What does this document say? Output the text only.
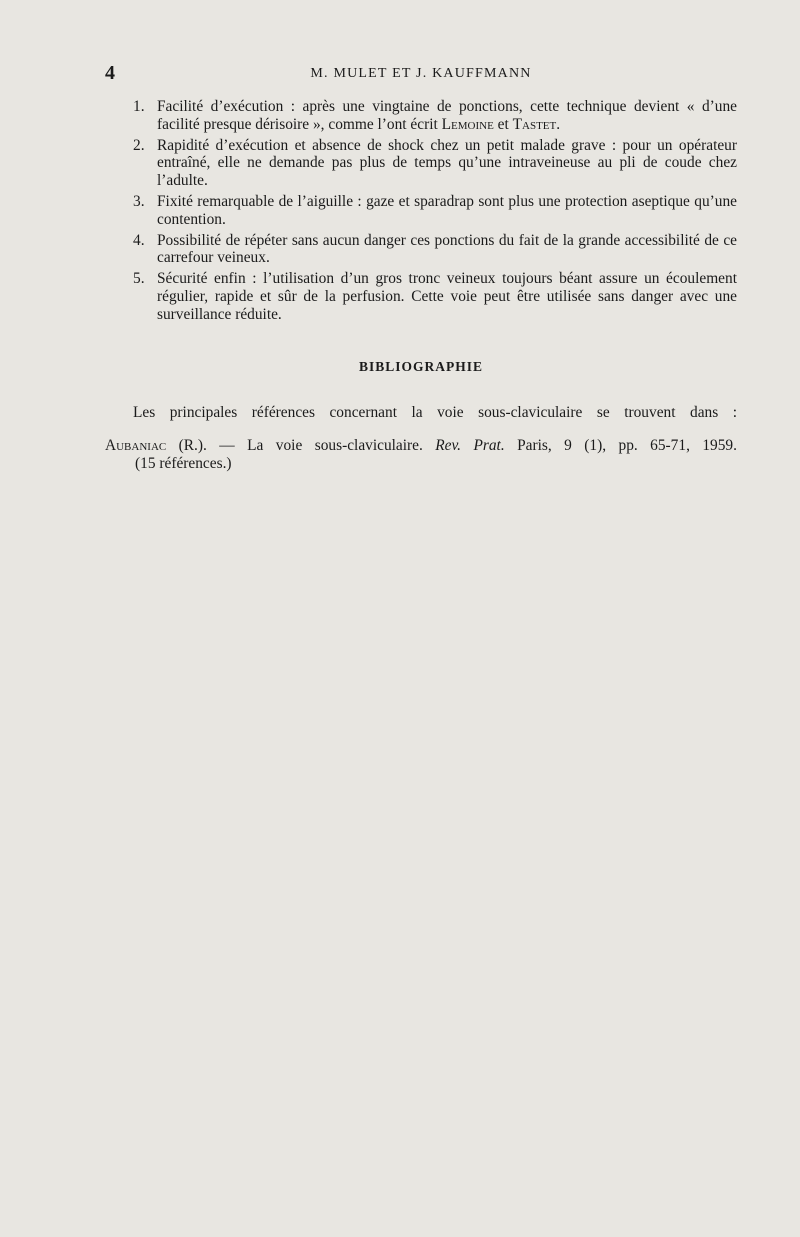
4	M. MULET ET J. KAUFFMANN
1. Facilité d’exécution : après une vingtaine de ponctions, cette technique devient « d’une facilité presque dérisoire », comme l’ont écrit Lemoine et Tastet.
2. Rapidité d’exécution et absence de shock chez un petit malade grave : pour un opérateur entraîné, elle ne demande pas plus de temps qu’une intraveineuse au pli de coude chez l’adulte.
3. Fixité remarquable de l’aiguille : gaze et sparadrap sont plus une protection aseptique qu’une contention.
4. Possibilité de répéter sans aucun danger ces ponctions du fait de la grande accessibilité de ce carrefour veineux.
5. Sécurité enfin : l’utilisation d’un gros tronc veineux toujours béant assure un écoulement régulier, rapide et sûr de la perfusion. Cette voie peut être utilisée sans danger avec une surveillance réduite.
BIBLIOGRAPHIE
Les principales références concernant la voie sous-claviculaire se trouvent dans :
Aubaniac (R.). — La voie sous-claviculaire. Rev. Prat. Paris, 9 (1), pp. 65-71, 1959.
(15 références.)
